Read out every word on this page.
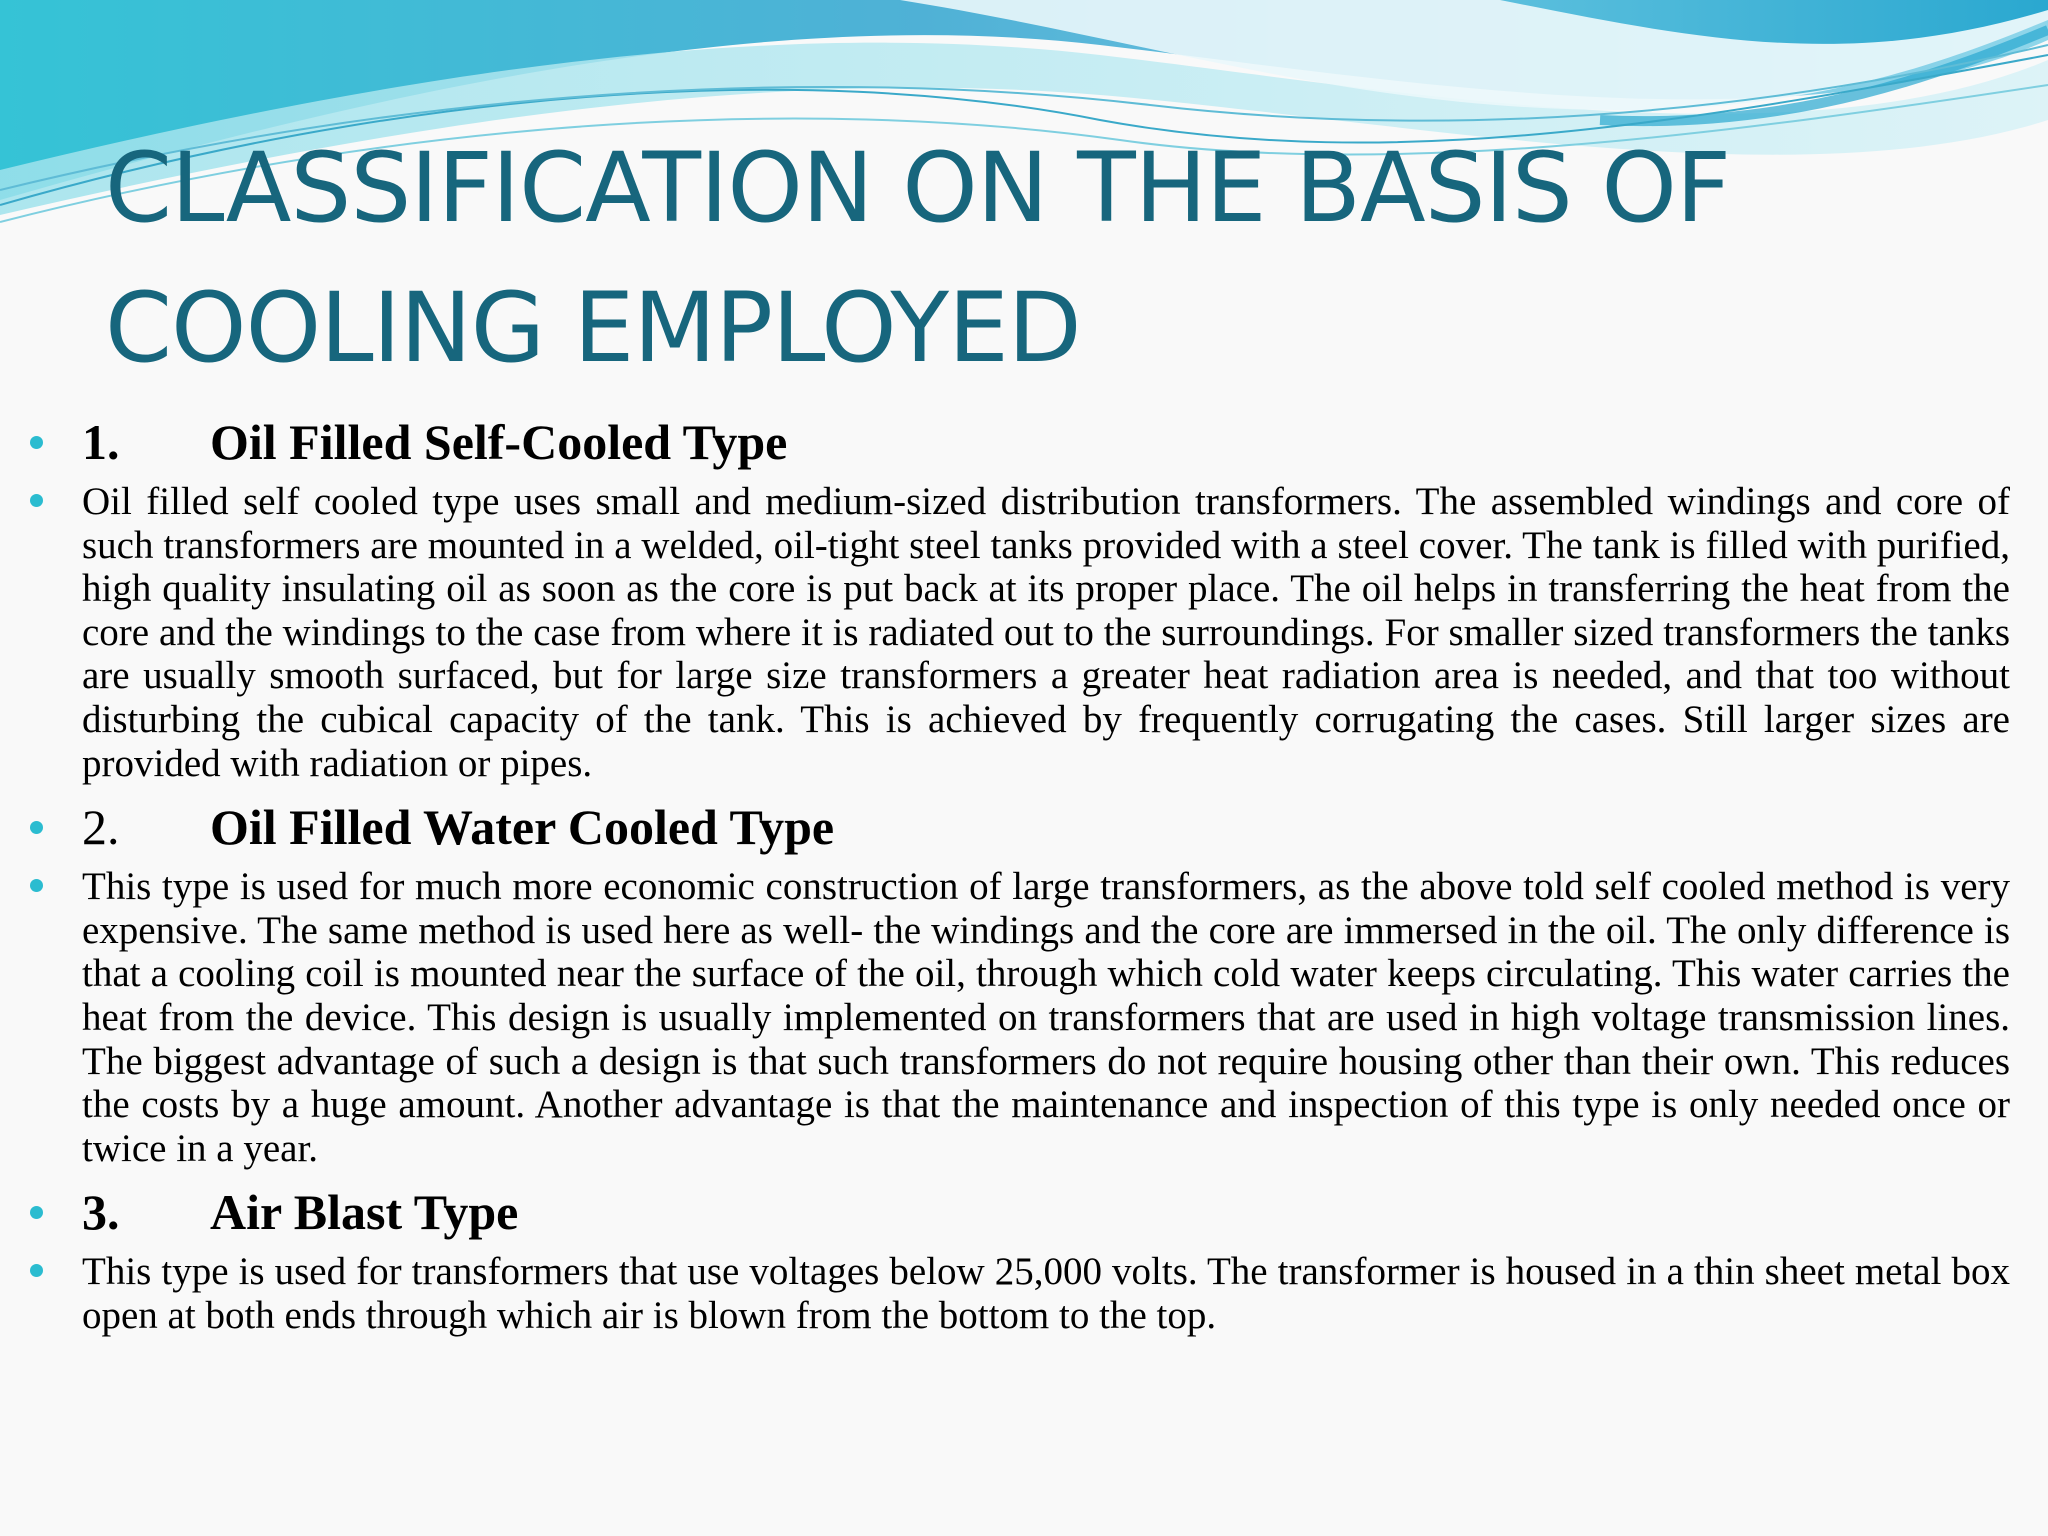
CLASSIFICATION ON THE BASIS OF
COOLING EMPLOYED
1. Oil Filled Self-Cooled Type
Oil filled self cooled type uses small and medium-sized distribution transformers. The assembled windings and core of such transformers are mounted in a welded, oil-tight steel tanks provided with a steel cover. The tank is filled with purified, high quality insulating oil as soon as the core is put back at its proper place. The oil helps in transferring the heat from the core and the windings to the case from where it is radiated out to the surroundings. For smaller sized transformers the tanks are usually smooth surfaced, but for large size transformers a greater heat radiation area is needed, and that too without disturbing the cubical capacity of the tank. This is achieved by frequently corrugating the cases. Still larger sizes are provided with radiation or pipes.
2. Oil Filled Water Cooled Type
This type is used for much more economic construction of large transformers, as the above told self cooled method is very expensive. The same method is used here as well- the windings and the core are immersed in the oil. The only difference is that a cooling coil is mounted near the surface of the oil, through which cold water keeps circulating. This water carries the heat from the device. This design is usually implemented on transformers that are used in high voltage transmission lines. The biggest advantage of such a design is that such transformers do not require housing other than their own. This reduces the costs by a huge amount. Another advantage is that the maintenance and inspection of this type is only needed once or twice in a year.
3. Air Blast Type
This type is used for transformers that use voltages below 25,000 volts. The transformer is housed in a thin sheet metal box open at both ends through which air is blown from the bottom to the top.
